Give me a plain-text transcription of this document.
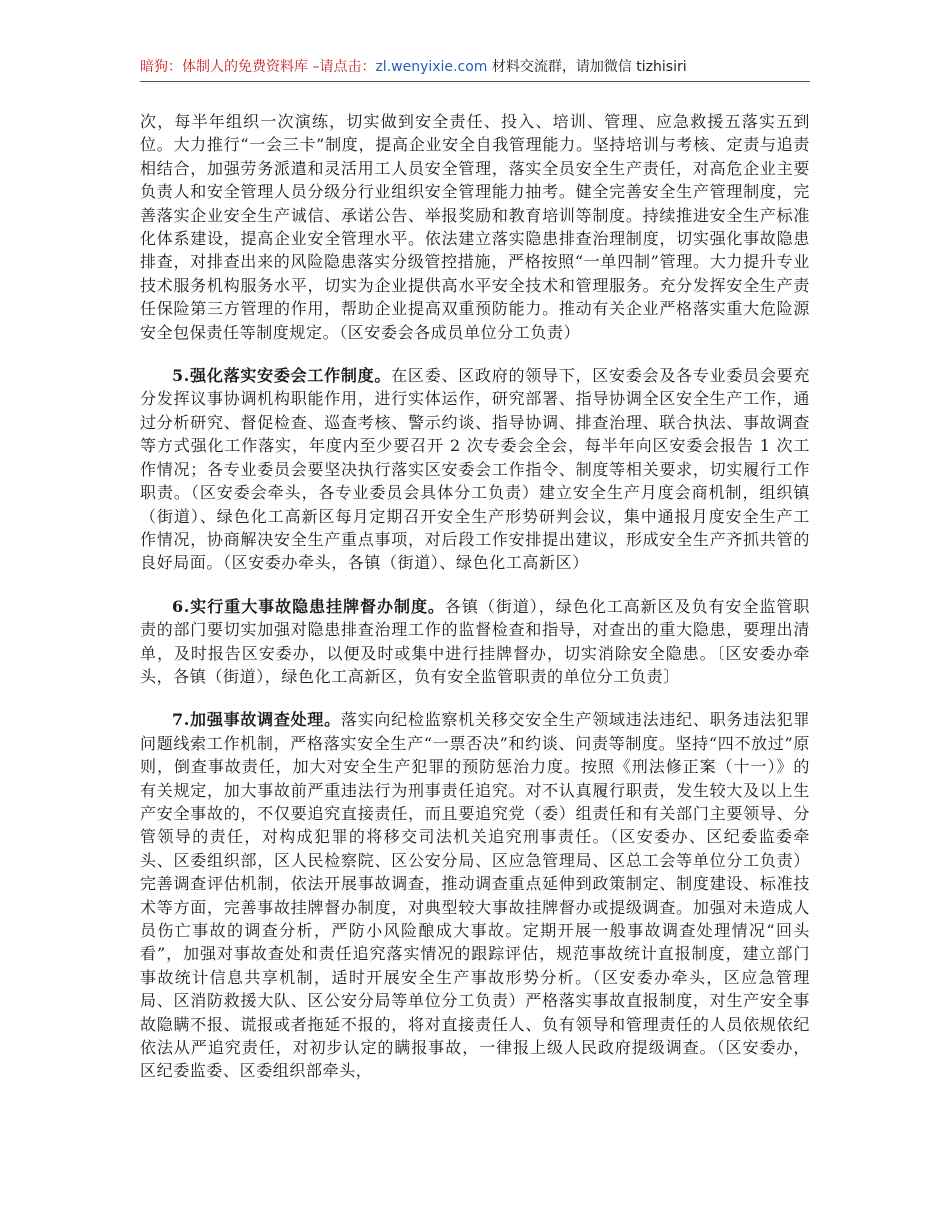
暗狗：体制人的免费资料库 –请点击：zl.wenyixie.com 材料交流群，请加微信 tizhisiri

次，每半年组织一次演练，切实做到安全责任、投入、培训、管理、应急救援五落实五到位。大力推行“一会三卡”制度，提高企业安全自我管理能力。坚持培训与考核、定责与追责相结合，加强劳务派遣和灵活用工人员安全管理，落实全员安全生产责任，对高危企业主要负责人和安全管理人员分级分行业组织安全管理能力抽考。健全完善安全生产管理制度，完善落实企业安全生产诚信、承诺公告、举报奖励和教育培训等制度。持续推进安全生产标准化体系建设，提高企业安全管理水平。依法建立落实隐患排查治理制度，切实强化事故隐患排查，对排查出来的风险隐患落实分级管控措施，严格按照“一单四制”管理。大力提升专业技术服务机构服务水平，切实为企业提供高水平安全技术和管理服务。充分发挥安全生产责任保险第三方管理的作用，帮助企业提高双重预防能力。推动有关企业严格落实重大危险源安全包保责任等制度规定。（区安委会各成员单位分工负责）

5.强化落实安委会工作制度。在区委、区政府的领导下，区安委会及各专业委员会要充分发挥议事协调机构职能作用，进行实体运作，研究部署、指导协调全区安全生产工作，通过分析研究、督促检查、巡查考核、警示约谈、指导协调、排查治理、联合执法、事故调查等方式强化工作落实，年度内至少要召开 2 次专委会全会，每半年向区安委会报告 1 次工作情况；各专业委员会要坚决执行落实区安委会工作指令、制度等相关要求，切实履行工作职责。（区安委会牵头，各专业委员会具体分工负责）建立安全生产月度会商机制，组织镇（街道）、绿色化工高新区每月定期召开安全生产形势研判会议，集中通报月度安全生产工作情况，协商解决安全生产重点事项，对后段工作安排提出建议，形成安全生产齐抓共管的良好局面。（区安委办牵头，各镇（街道）、绿色化工高新区）

6.实行重大事故隐患挂牌督办制度。各镇（街道），绿色化工高新区及负有安全监管职责的部门要切实加强对隐患排查治理工作的监督检查和指导，对查出的重大隐患，要理出清单，及时报告区安委办，以便及时或集中进行挂牌督办，切实消除安全隐患。〔区安委办牵头，各镇（街道），绿色化工高新区，负有安全监管职责的单位分工负责〕

7.加强事故调查处理。落实向纪检监察机关移交安全生产领域违法违纪、职务违法犯罪问题线索工作机制，严格落实安全生产“一票否决”和约谈、问责等制度。坚持“四不放过”原则，倒查事故责任，加大对安全生产犯罪的预防惩治力度。按照《刑法修正案（十一）》的有关规定，加大事故前严重违法行为刑事责任追究。对不认真履行职责，发生较大及以上生产安全事故的，不仅要追究直接责任，而且要追究党（委）组责任和有关部门主要领导、分管领导的责任，对构成犯罪的将移交司法机关追究刑事责任。（区安委办、区纪委监委牵头、区委组织部，区人民检察院、区公安分局、区应急管理局、区总工会等单位分工负责）完善调查评估机制，依法开展事故调查，推动调查重点延伸到政策制定、制度建设、标准技术等方面，完善事故挂牌督办制度，对典型较大事故挂牌督办或提级调查。加强对未造成人员伤亡事故的调查分析，严防小风险酿成大事故。定期开展一般事故调查处理情况“回头看”，加强对事故查处和责任追究落实情况的跟踪评估，规范事故统计直报制度，建立部门事故统计信息共享机制，适时开展安全生产事故形势分析。（区安委办牵头，区应急管理局、区消防救援大队、区公安分局等单位分工负责）严格落实事故直报制度，对生产安全事故隐瞒不报、谎报或者拖延不报的，将对直接责任人、负有领导和管理责任的人员依规依纪依法从严追究责任，对初步认定的瞒报事故，一律报上级人民政府提级调查。（区安委办，区纪委监委、区委组织部牵头，
